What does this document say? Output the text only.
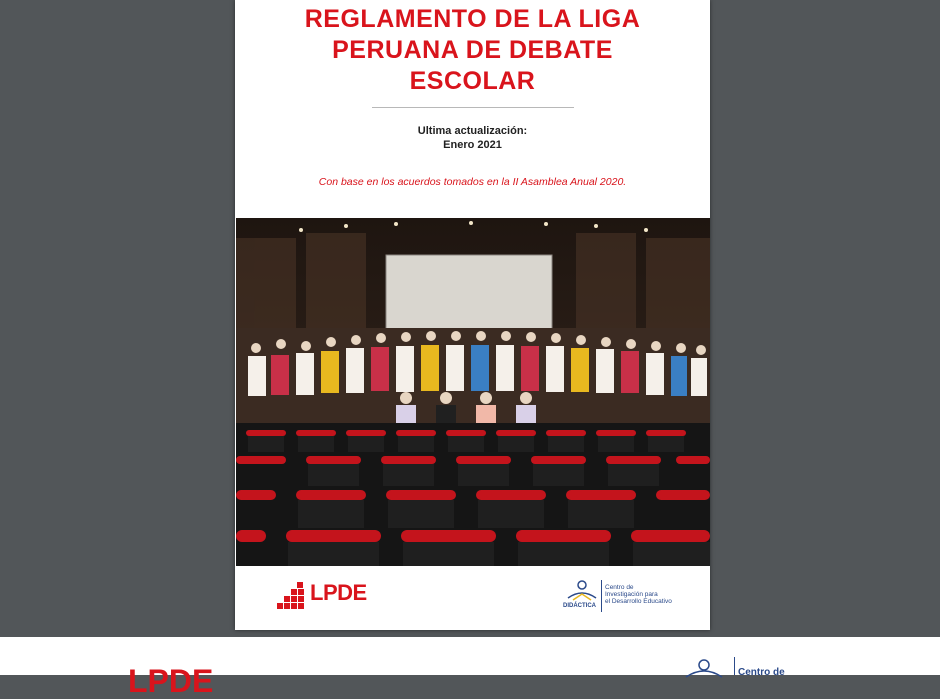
REGLAMENTO DE LA LIGA
PERUANA DE DEBATE
ESCOLAR
Ultima actualización:
Enero 2021
Con base en los acuerdos tomados en la II Asamblea Anual 2020.
LPDE
DIDÁCTICA
Centro de
Investigación para
el Desarrollo Educativo
LPDE	Centro de
